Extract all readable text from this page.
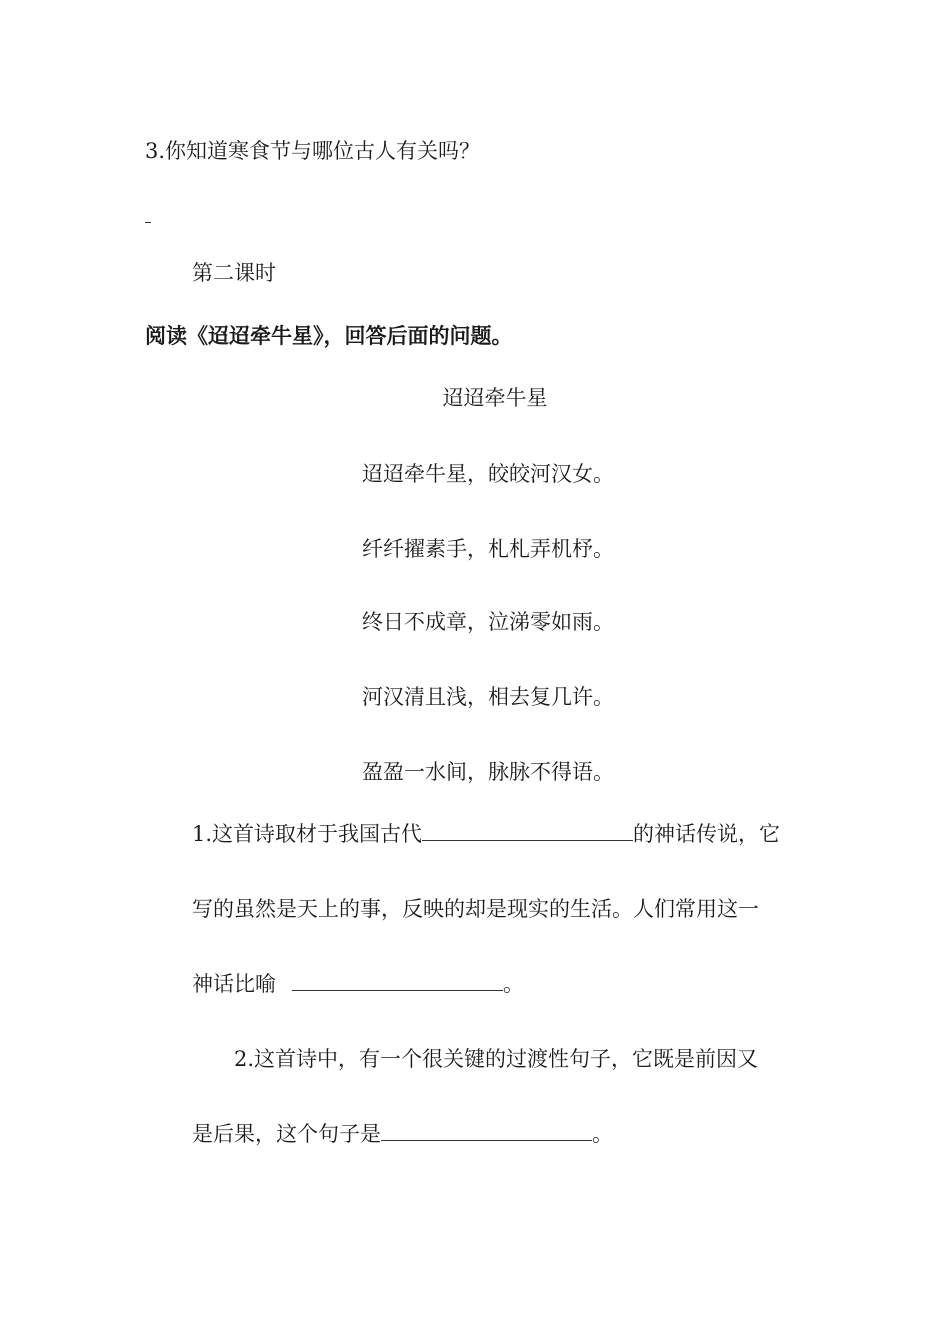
3.你知道寒食节与哪位古人有关吗？
第二课时
阅读《迢迢牵牛星》，回答后面的问题。
迢迢牵牛星
迢迢牵牛星，皎皎河汉女。
纤纤擢素手，札札弄机杼。
终日不成章，泣涕零如雨。
河汉清且浅，相去复几许。
盈盈一水间，脉脉不得语。
1.这首诗取材于我国古代	的神话传说，它
写的虽然是天上的事，反映的却是现实的生活。人们常用这一
神话比喻	。
2.这首诗中，有一个很关键的过渡性句子，它既是前因又
是后果，这个句子是	。
